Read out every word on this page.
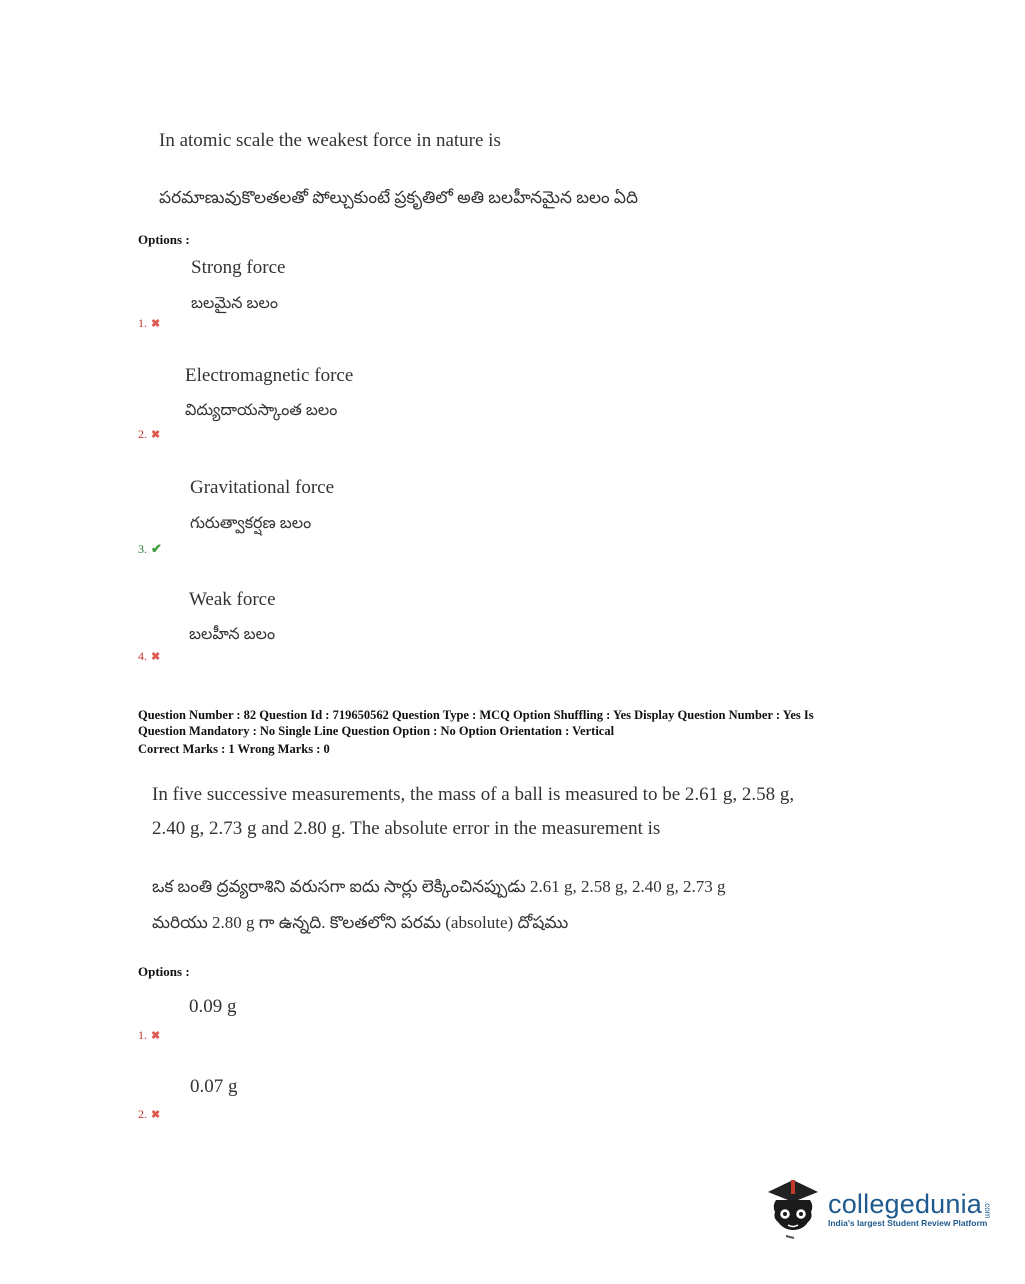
In atomic scale the weakest force in nature is
పరమాణువుకొలతలతో పోల్చుకుంటే ప్రకృతిలో అతి బలహీనమైన బలం ఏది
Options :
Strong force
బలమైన బలం
1. ✖
Electromagnetic force
విద్యుదాయస్కాంత బలం
2. ✖
Gravitational force
గురుత్వాకర్షణ బలం
3. ✔
Weak force
బలహీన బలం
4. ✖
Question Number : 82 Question Id : 719650562 Question Type : MCQ Option Shuffling : Yes Display Question Number : Yes Is
Question Mandatory : No Single Line Question Option : No Option Orientation : Vertical
Correct Marks : 1 Wrong Marks : 0
In five successive measurements, the mass of a ball is measured to be 2.61 g, 2.58 g,
2.40 g, 2.73 g and 2.80 g. The absolute error in the measurement is
ఒక బంతి ద్రవ్యరాశిని వరుసగా ఐదు సార్లు లెక్కించినప్పుడు 2.61 g, 2.58 g, 2.40 g, 2.73 g
మరియు 2.80 g గా ఉన్నది. కొలతలోని పరమ (absolute) దోషము
Options :
0.09 g
1. ✖
0.07 g
2. ✖
collegedunia .com
India's largest Student Review Platform
